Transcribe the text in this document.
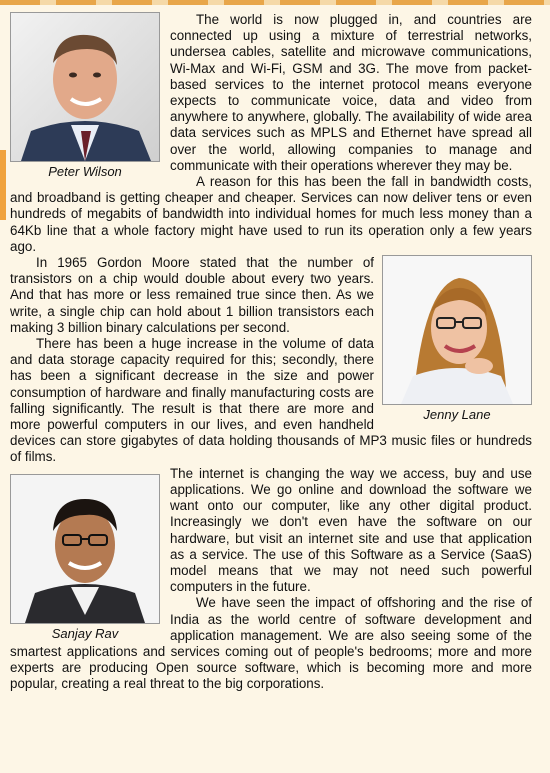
Peter Wilson

The world is now plugged in, and countries are connected up using a mixture of terrestrial networks, undersea cables, satellite and microwave communications, Wi-Max and Wi-Fi, GSM and 3G. The move from packet-based services to the internet protocol means everyone expects to communicate voice, data and video from anywhere to anywhere, globally. The availability of wide area data services such as MPLS and Ethernet have spread all over the world, allowing companies to manage and communicate with their operations wherever they may be.

A reason for this has been the fall in bandwidth costs, and broadband is getting cheaper and cheaper. Services can now deliver tens or even hundreds of megabits of bandwidth into individual homes for much less money than a 64Kb line that a whole factory might have used to run its operation only a few years ago.

Jenny Lane

In 1965 Gordon Moore stated that the number of transistors on a chip would double about every two years. And that has more or less remained true since then. As we write, a single chip can hold about 1 billion transistors each making 3 billion binary calculations per second.

There has been a huge increase in the volume of data and data storage capacity required for this; secondly, there has been a significant decrease in the size and power consumption of hardware and finally manufacturing costs are falling significantly. The result is that there are more and more powerful computers in our lives, and even handheld devices can store gigabytes of data holding thousands of MP3 music files or hundreds of films.

Sanjay Rav

The internet is changing the way we access, buy and use applications. We go online and download the software we want onto our computer, like any other digital product. Increasingly we don't even have the software on our hardware, but visit an internet site and use that application as a service. The use of this Software as a Service (SaaS) model means that we may not need such powerful computers in the future.

We have seen the impact of offshoring and the rise of India as the world centre of software development and application management. We are also seeing some of the smartest applications and services coming out of people's bedrooms; more and more experts are producing Open source software, which is becoming more and more popular, creating a real threat to the big corporations.
